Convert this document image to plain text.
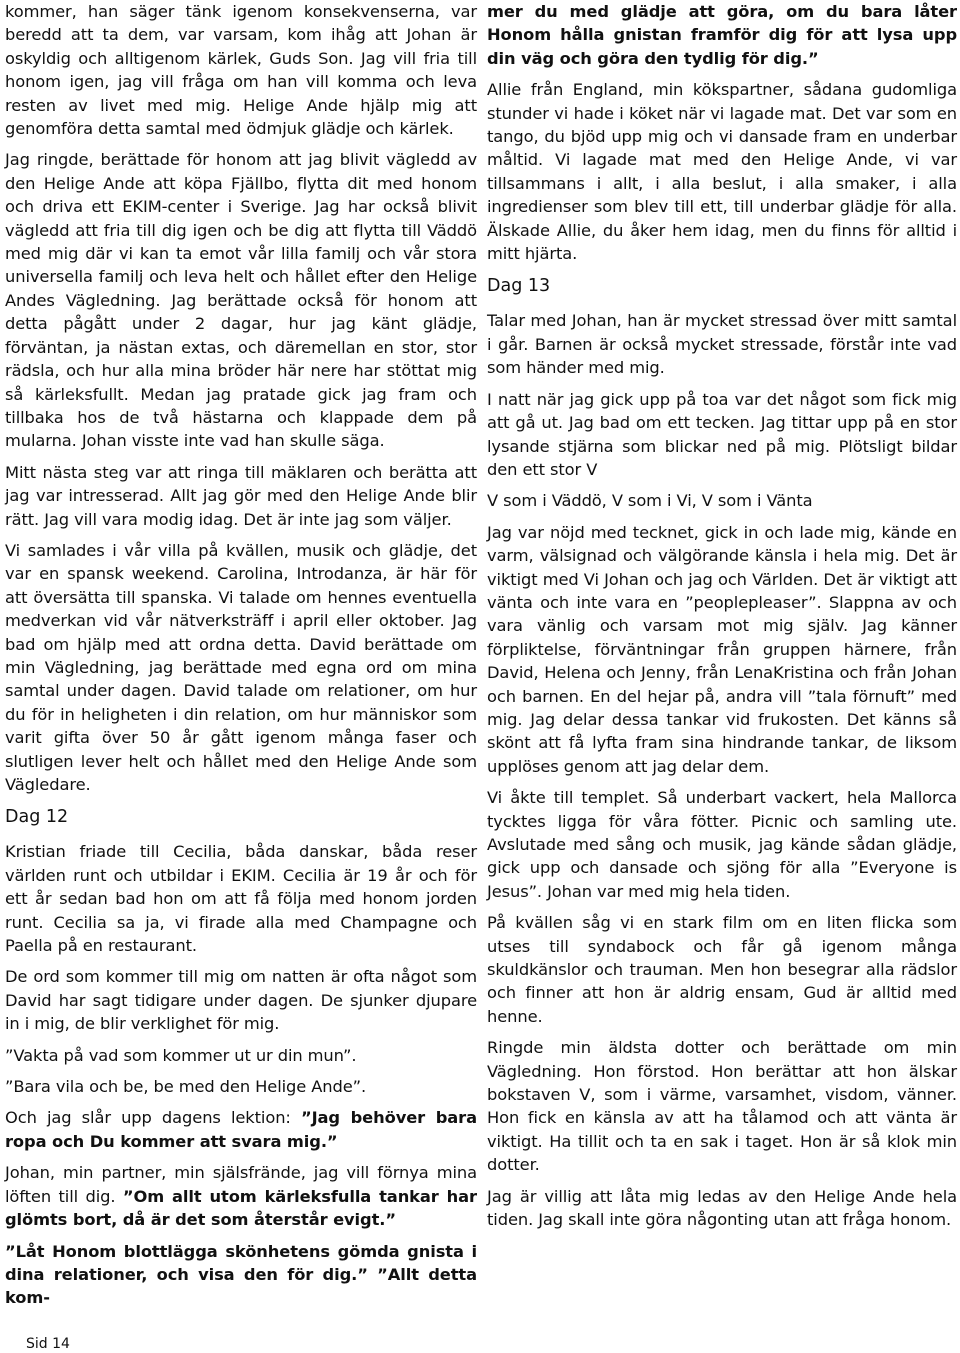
kommer, han säger tänk igenom konsekvenserna, var beredd att ta dem, var varsam, kom ihåg att Johan är oskyldig och alltigenom kärlek, Guds Son. Jag vill fria till honom igen, jag vill fråga om han vill komma och leva resten av livet med mig. Helige Ande hjälp mig att genomföra detta samtal med ödmjuk glädje och kärlek.

Jag ringde, berättade för honom att jag blivit vägledd av den Helige Ande att köpa Fjällbo, flytta dit med honom och driva ett EKIM-center i Sverige. Jag har också blivit vägledd att fria till dig igen och be dig att flytta till Väddö med mig där vi kan ta emot vår lilla familj och vår stora universella familj och leva helt och hållet efter den Helige Andes Vägledning. Jag berättade också för honom att detta pågått under 2 dagar, hur jag känt glädje, förväntan, ja nästan extas, och däremellan en stor, stor rädsla, och hur alla mina bröder här nere har stöttat mig så kärleksfullt. Medan jag pratade gick jag fram och tillbaka hos de två hästarna och klappade dem på mularna. Johan visste inte vad han skulle säga.

Mitt nästa steg var att ringa till mäklaren och berätta att jag var intresserad. Allt jag gör med den Helige Ande blir rätt. Jag vill vara modig idag. Det är inte jag som väljer.

Vi samlades i vår villa på kvällen, musik och glädje, det var en spansk weekend. Carolina, Introdanza, är här för att översätta till spanska. Vi talade om hennes eventuella medverkan vid vår nätverksträff i april eller oktober. Jag bad om hjälp med att ordna detta. David berättade om min Vägledning, jag berättade med egna ord om mina samtal under dagen. David talade om relationer, om hur du för in heligheten i din relation, om hur människor som varit gifta över 50 år gått igenom många faser och slutligen lever helt och hållet med den Helige Ande som Vägledare.

Dag 12

Kristian friade till Cecilia, båda danskar, båda reser världen runt och utbildar i EKIM. Cecilia är 19 år och för ett år sedan bad hon om att få följa med honom jorden runt. Cecilia sa ja, vi firade alla med Champagne och Paella på en restaurant.

De ord som kommer till mig om natten är ofta något som David har sagt tidigare under dagen. De sjunker djupare in i mig, de blir verklighet för mig.

”Vakta på vad som kommer ut ur din mun”.

”Bara vila och be, be med den Helige Ande”.

Och jag slår upp dagens lektion: ”Jag behöver bara ropa och Du kommer att svara mig.”

Johan, min partner, min själsfrände, jag vill förnya mina löften till dig. ”Om allt utom kärleksfulla tankar har glömts bort, då är det som återstår evigt.”

”Låt Honom blottlägga skönhetens gömda gnista i dina relationer, och visa den för dig.” ”Allt detta kom-

mer du med glädje att göra, om du bara låter Honom hålla gnistan framför dig för att lysa upp din väg och göra den tydlig för dig.”

Allie från England, min kökspartner, sådana gudomliga stunder vi hade i köket när vi lagade mat. Det var som en tango, du bjöd upp mig och vi dansade fram en underbar måltid. Vi lagade mat med den Helige Ande, vi var tillsammans i allt, i alla beslut, i alla smaker, i alla ingredienser som blev till ett, till underbar glädje för alla. Älskade Allie, du åker hem idag, men du finns för alltid i mitt hjärta.

Dag 13

Talar med Johan, han är mycket stressad över mitt samtal i går. Barnen är också mycket stressade, förstår inte vad som händer med mig.

I natt när jag gick upp på toa var det något som fick mig att gå ut. Jag bad om ett tecken. Jag tittar upp på en stor lysande stjärna som blickar ned på mig. Plötsligt bildar den ett stor V

V som i Väddö, V som i Vi, V som i Vänta

Jag var nöjd med tecknet, gick in och lade mig, kände en varm, välsignad och välgörande känsla i hela mig. Det är viktigt med Vi Johan och jag och Världen. Det är viktigt att vänta och inte vara en ”peoplepleaser”. Slappna av och vara vänlig och varsam mot mig själv. Jag känner förpliktelse, förväntningar från gruppen härnere, från David, Helena och Jenny, från LenaKristina och från Johan och barnen. En del hejar på, andra vill ”tala förnuft” med mig. Jag delar dessa tankar vid frukosten. Det känns så skönt att få lyfta fram sina hindrande tankar, de liksom upplöses genom att jag delar dem.

Vi åkte till templet. Så underbart vackert, hela Mallorca tycktes ligga för våra fötter. Picnic och samling ute. Avslutade med sång och musik, jag kände sådan glädje, gick upp och dansade och sjöng för alla ”Everyone is Jesus”. Johan var med mig hela tiden.

På kvällen såg vi en stark film om en liten flicka som utses till syndabock och får gå igenom många skuldkänslor och trauman. Men hon besegrar alla rädslor och finner att hon är aldrig ensam, Gud är alltid med henne.

Ringde min äldsta dotter och berättade om min Vägledning. Hon förstod. Hon berättar att hon älskar bokstaven V, som i värme, varsamhet, visdom, vänner. Hon fick en känsla av att ha tålamod och att vänta är viktigt. Ha tillit och ta en sak i taget. Hon är så klok min dotter.

Jag är villig att låta mig ledas av den Helige Ande hela tiden. Jag skall inte göra någonting utan att fråga honom.

Sid 14
